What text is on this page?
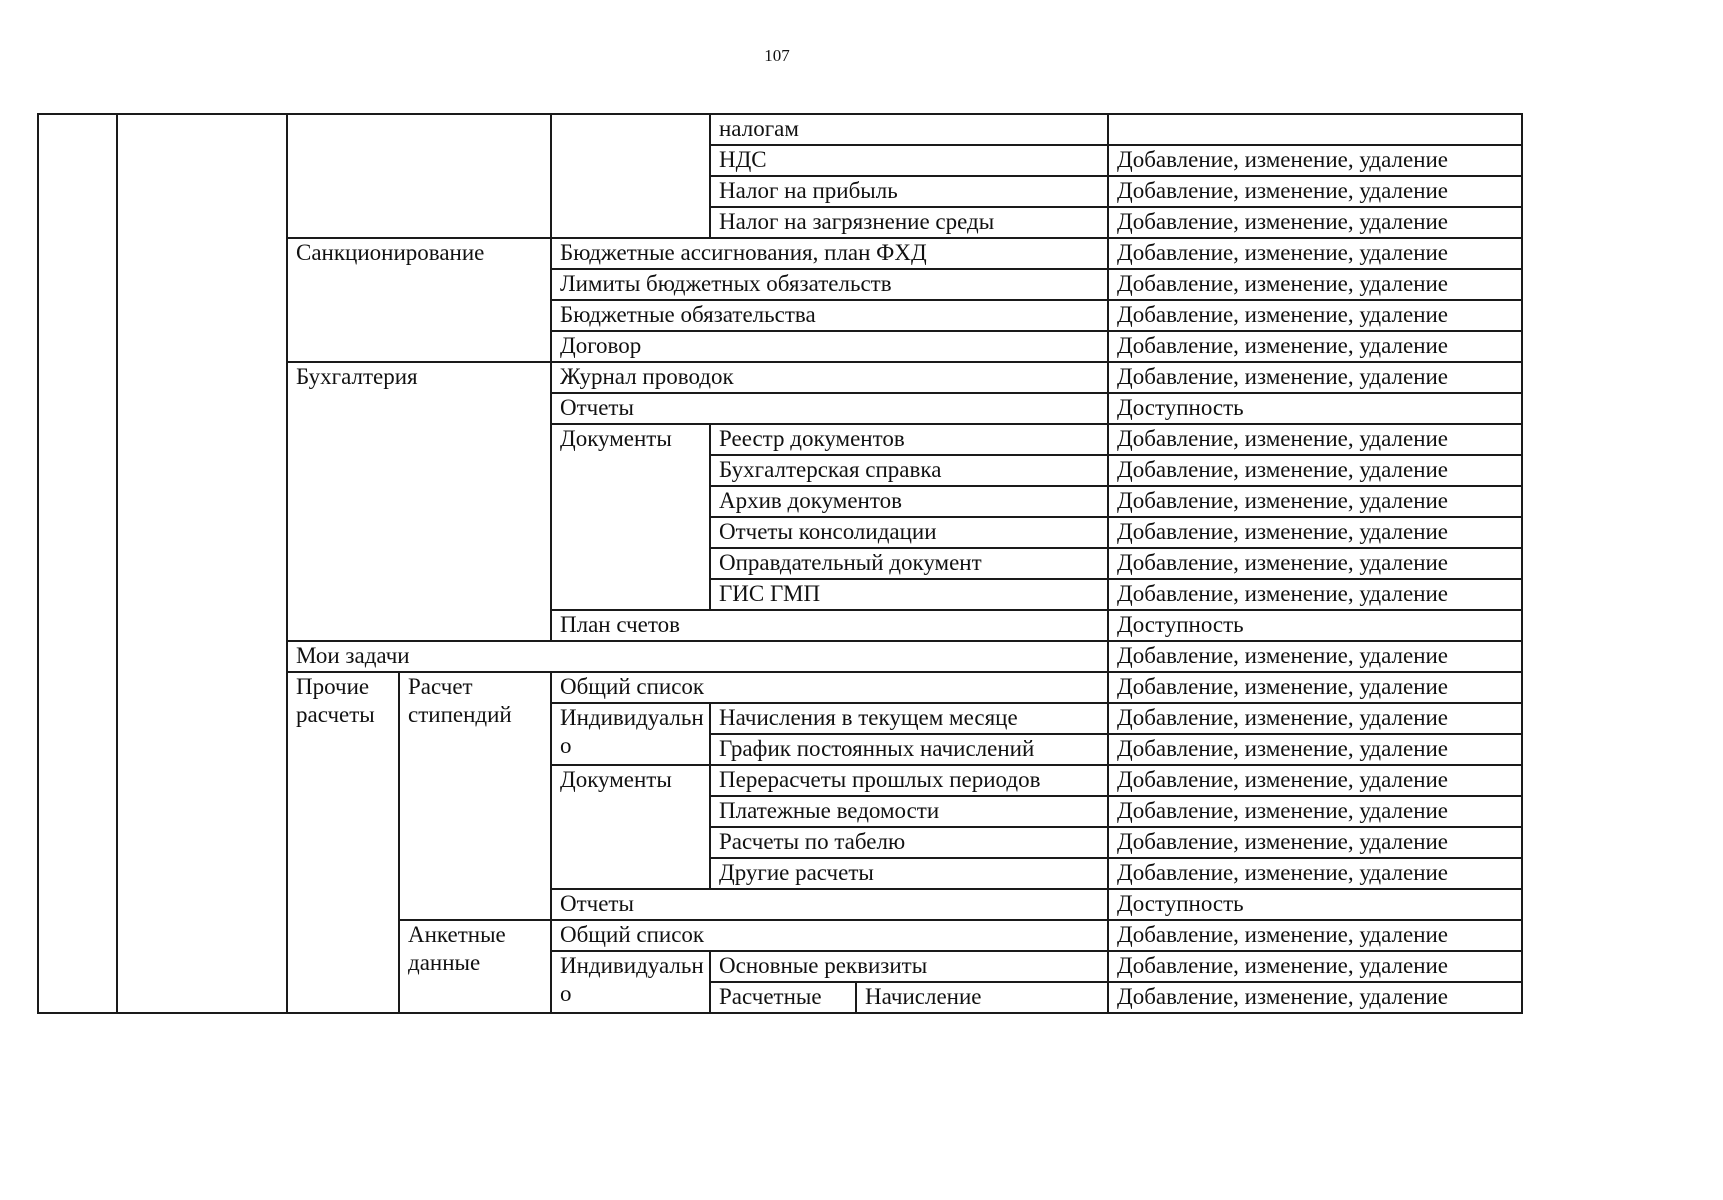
107
					налогам		
					НДС		Добавление, изменение, удаление
					Налог на прибыль		Добавление, изменение, удаление
					Налог на загрязнение среды		Добавление, изменение, удаление
		Санкционирование		Бюджетные ассигнования, план ФХД			Добавление, изменение, удаление
				Лимиты бюджетных обязательств			Добавление, изменение, удаление
				Бюджетные обязательства			Добавление, изменение, удаление
				Договор			Добавление, изменение, удаление
		Бухгалтерия		Журнал проводок			Добавление, изменение, удаление
				Отчеты			Доступность
				Документы	Реестр документов		Добавление, изменение, удаление
					Бухгалтерская справка		Добавление, изменение, удаление
					Архив документов		Добавление, изменение, удаление
					Отчеты консолидации		Добавление, изменение, удаление
					Оправдательный документ		Добавление, изменение, удаление
					ГИС ГМП		Добавление, изменение, удаление
				План счетов			Доступность
		Мои задачи					Добавление, изменение, удаление
		Прочие расчеты	Расчет стипендий	Общий список			Добавление, изменение, удаление
				Индивидуально	Начисления в текущем месяце		Добавление, изменение, удаление
					График постоянных начислений		Добавление, изменение, удаление
				Документы	Перерасчеты прошлых периодов		Добавление, изменение, удаление
					Платежные ведомости		Добавление, изменение, удаление
					Расчеты по табелю		Добавление, изменение, удаление
					Другие расчеты		Добавление, изменение, удаление
				Отчеты			Доступность
			Анкетные данные	Общий список			Добавление, изменение, удаление
				Индивидуально	Основные реквизиты		Добавление, изменение, удаление
					Расчетные	Начисление	Добавление, изменение, удаление
